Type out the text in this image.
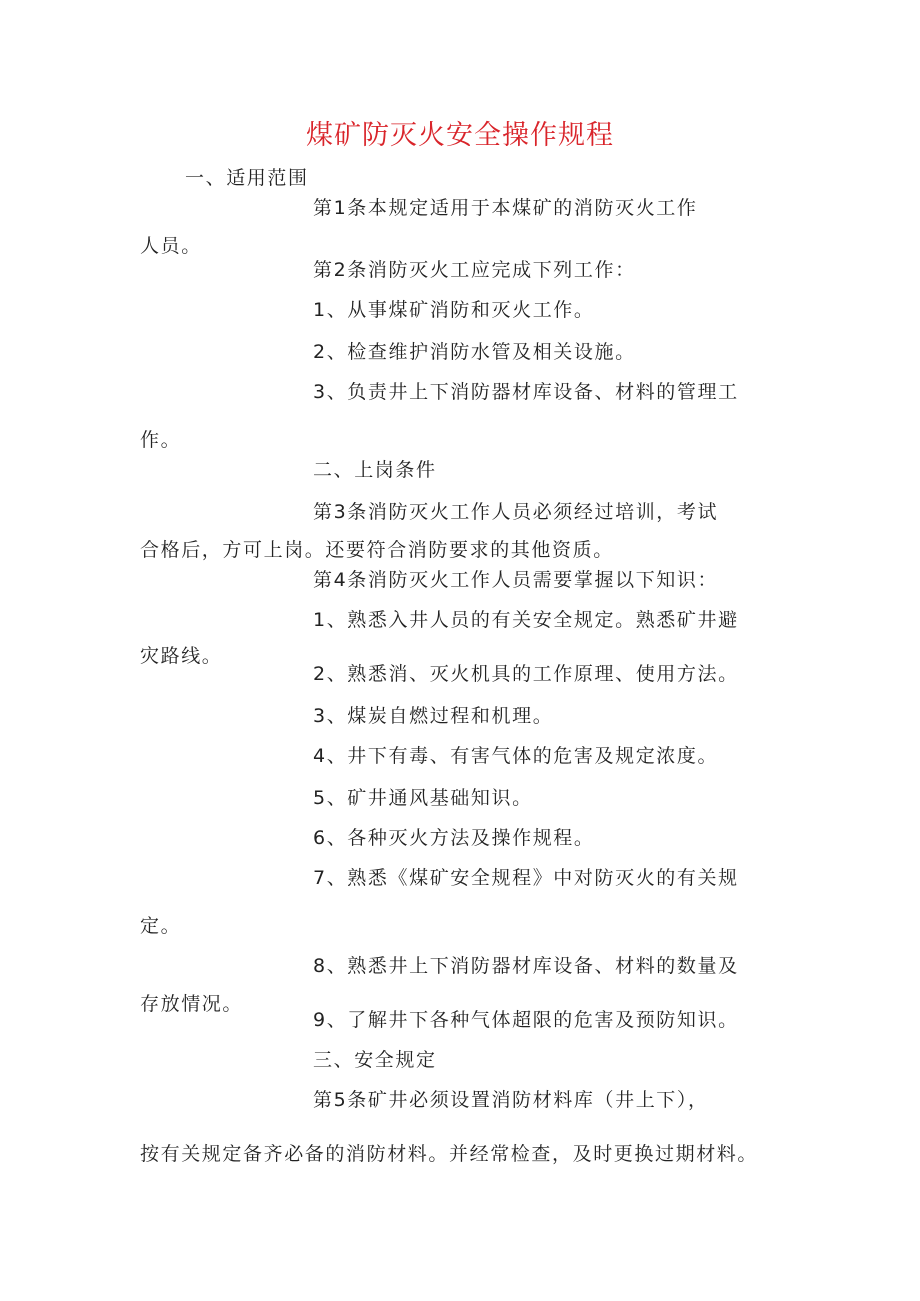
煤矿防灭火安全操作规程
一、适用范围
第1条本规定适用于本煤矿的消防灭火工作
人员。
第2条消防灭火工应完成下列工作：
1、从事煤矿消防和灭火工作。
2、检查维护消防水管及相关设施。
3、负责井上下消防器材库设备、材料的管理工
作。
二、上岗条件
第3条消防灭火工作人员必须经过培训，考试
合格后，方可上岗。还要符合消防要求的其他资质。
第4条消防灭火工作人员需要掌握以下知识：
1、熟悉入井人员的有关安全规定。熟悉矿井避
灾路线。
2、熟悉消、灭火机具的工作原理、使用方法。
3、煤炭自燃过程和机理。
4、井下有毒、有害气体的危害及规定浓度。
5、矿井通风基础知识。
6、各种灭火方法及操作规程。
7、熟悉《煤矿安全规程》中对防灭火的有关规
定。
8、熟悉井上下消防器材库设备、材料的数量及
存放情况。
9、了解井下各种气体超限的危害及预防知识。
三、安全规定
第5条矿井必须设置消防材料库（井上下），
按有关规定备齐必备的消防材料。并经常检查，及时更换过期材料。
